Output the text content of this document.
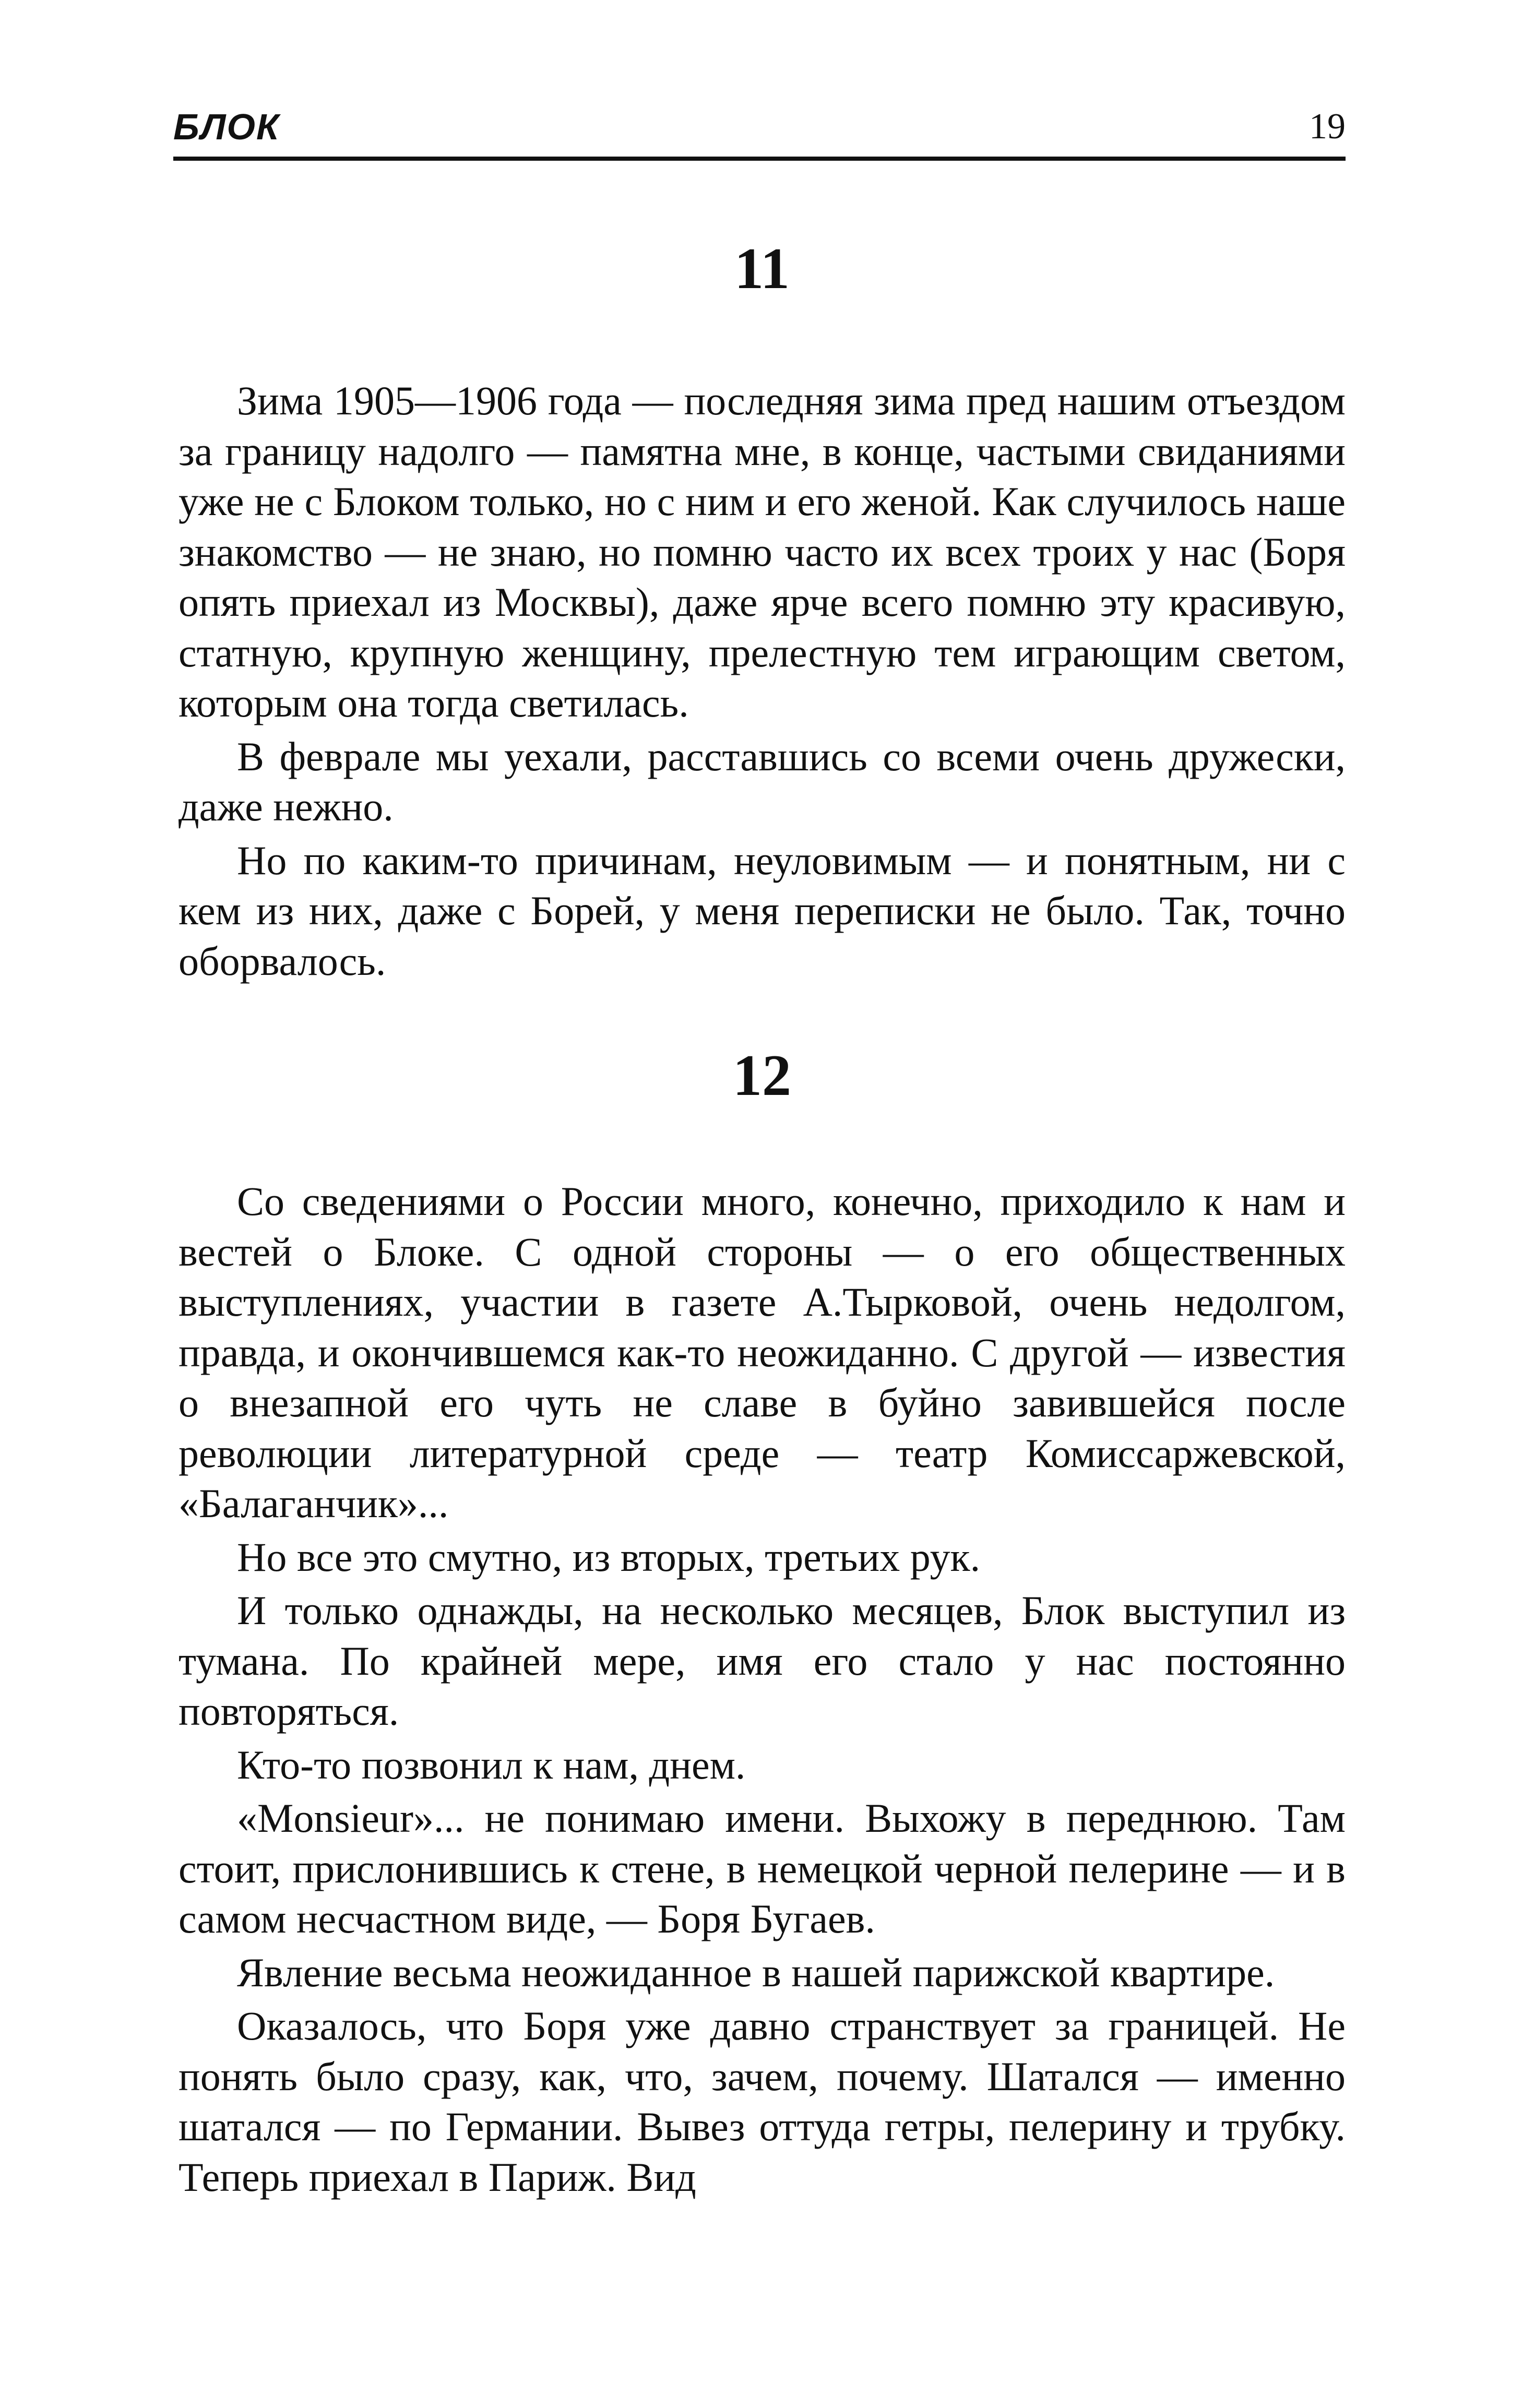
БЛОК	19
11

Зима 1905—1906 года — последняя зима пред нашим отъездом за границу надолго — памятна мне, в конце, частыми свиданиями уже не с Блоком только, но с ним и его женой. Как случилось наше знакомство — не знаю, но помню часто их всех троих у нас (Боря опять приехал из Москвы), даже ярче всего помню эту красивую, статную, крупную женщину, прелестную тем играющим светом, которым она тогда светилась.

В феврале мы уехали, расставшись со всеми очень дружески, даже нежно.

Но по каким-то причинам, неуловимым — и понятным, ни с кем из них, даже с Борей, у меня переписки не было. Так, точно оборвалось.

12

Со сведениями о России много, конечно, приходило к нам и вестей о Блоке. С одной стороны — о его общественных выступлениях, участии в газете А.Тырковой, очень недолгом, правда, и окончившемся как-то неожиданно. С другой — известия о внезапной его чуть не славе в буйно завившейся после революции литературной среде — театр Комиссаржевской, «Балаганчик»...

Но все это смутно, из вторых, третьих рук.

И только однажды, на несколько месяцев, Блок выступил из тумана. По крайней мере, имя его стало у нас постоянно повторяться.

Кто-то позвонил к нам, днем.

«Monsieur»... не понимаю имени. Выхожу в переднюю. Там стоит, прислонившись к стене, в немецкой черной пелерине — и в самом несчастном виде, — Боря Бугаев.

Явление весьма неожиданное в нашей парижской квартире.

Оказалось, что Боря уже давно странствует за границей. Не понять было сразу, как, что, зачем, почему. Шатался — именно шатался — по Германии. Вывез оттуда гетры, пелерину и трубку. Теперь приехал в Париж. Вид
